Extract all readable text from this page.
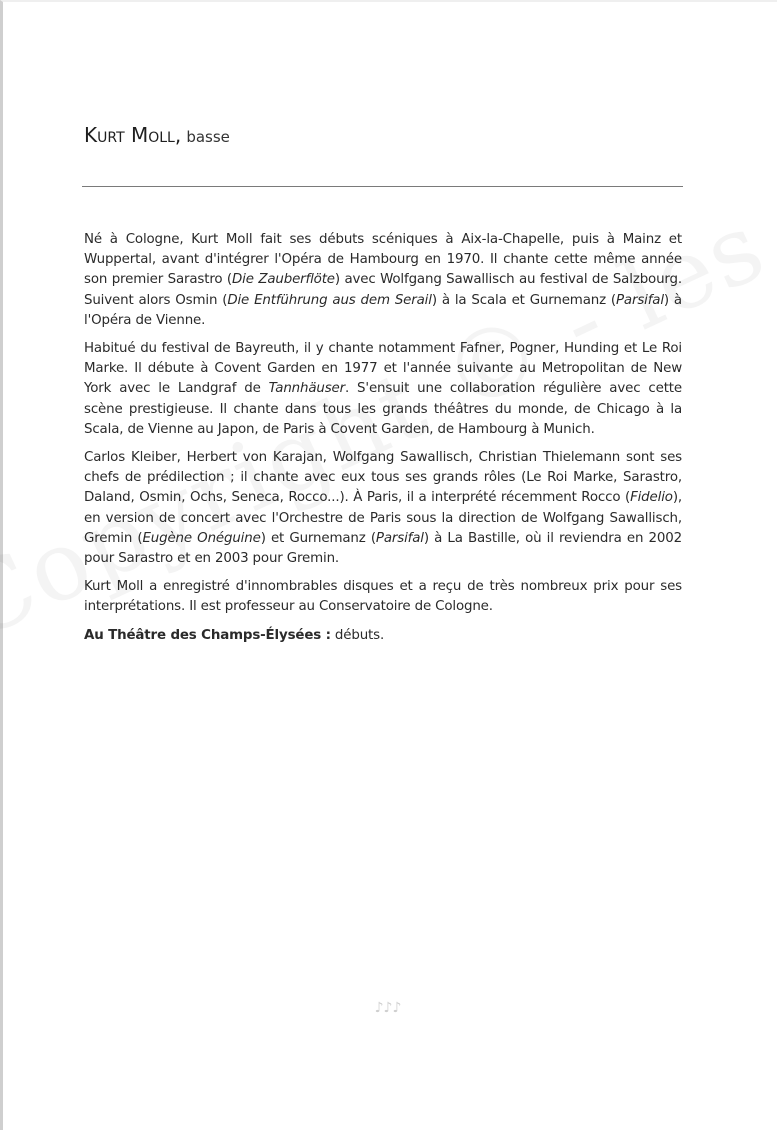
Kurt Moll, basse

Né à Cologne, Kurt Moll fait ses débuts scéniques à Aix-la-Chapelle, puis à Mainz et Wuppertal, avant d'intégrer l'Opéra de Hambourg en 1970. Il chante cette même année son premier Sarastro (Die Zauberflöte) avec Wolfgang Sawallisch au festival de Salzbourg. Suivent alors Osmin (Die Entführung aus dem Serail) à la Scala et Gurnemanz (Parsifal) à l'Opéra de Vienne.

Habitué du festival de Bayreuth, il y chante notamment Fafner, Pogner, Hunding et Le Roi Marke. Il débute à Covent Garden en 1977 et l'année suivante au Metropolitan de New York avec le Landgraf de Tannhäuser. S'ensuit une collaboration régulière avec cette scène prestigieuse. Il chante dans tous les grands théâtres du monde, de Chicago à la Scala, de Vienne au Japon, de Paris à Covent Garden, de Hambourg à Munich.

Carlos Kleiber, Herbert von Karajan, Wolfgang Sawallisch, Christian Thielemann sont ses chefs de prédilection ; il chante avec eux tous ses grands rôles (Le Roi Marke, Sarastro, Daland, Osmin, Ochs, Seneca, Rocco...). À Paris, il a interprété récemment Rocco (Fidelio), en version de concert avec l'Orchestre de Paris sous la direction de Wolfgang Sawallisch, Gremin (Eugène Onéguine) et Gurnemanz (Parsifal) à La Bastille, où il reviendra en 2002 pour Sarastro et en 2003 pour Gremin.

Kurt Moll a enregistré d'innombrables disques et a reçu de très nombreux prix pour ses interprétations. Il est professeur au Conservatoire de Cologne.

Au Théâtre des Champs-Élysées : débuts.

♪♪♪
